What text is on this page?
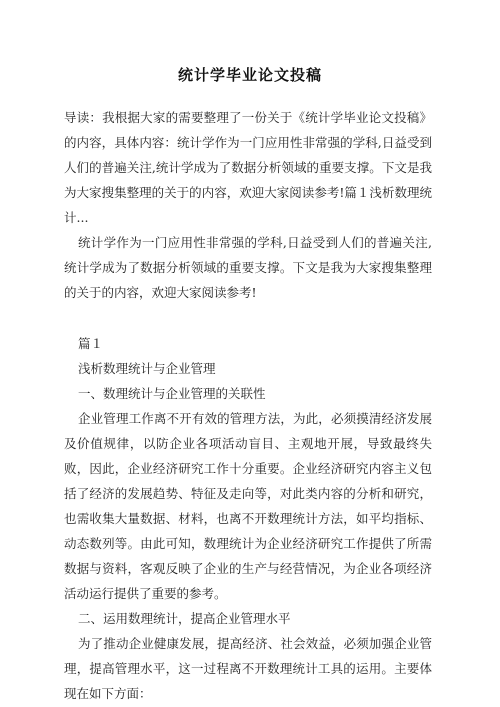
统计学毕业论文投稿

导读：我根据大家的需要整理了一份关于《统计学毕业论文投稿》的内容，具体内容：统计学作为一门应用性非常强的学科,日益受到人们的普遍关注,统计学成为了数据分析领域的重要支撑。下文是我为大家搜集整理的关于的内容，欢迎大家阅读参考!篇１浅析数理统计...

统计学作为一门应用性非常强的学科,日益受到人们的普遍关注,统计学成为了数据分析领域的重要支撑。下文是我为大家搜集整理的关于的内容，欢迎大家阅读参考!

篇１

浅析数理统计与企业管理

一、数理统计与企业管理的关联性

企业管理工作离不开有效的管理方法，为此，必须摸清经济发展及价值规律，以防企业各项活动盲目、主观地开展，导致最终失败，因此，企业经济研究工作十分重要。企业经济研究内容主义包括了经济的发展趋势、特征及走向等，对此类内容的分析和研究，也需收集大量数据、材料，也离不开数理统计方法，如平均指标、动态数列等。由此可知，数理统计为企业经济研究工作提供了所需数据与资料，客观反映了企业的生产与经营情况，为企业各项经济活动运行提供了重要的参考。

二、运用数理统计，提高企业管理水平

为了推动企业健康发展，提高经济、社会效益，必须加强企业管理，提高管理水平，这一过程离不开数理统计工具的运用。主要体现在如下方面：
